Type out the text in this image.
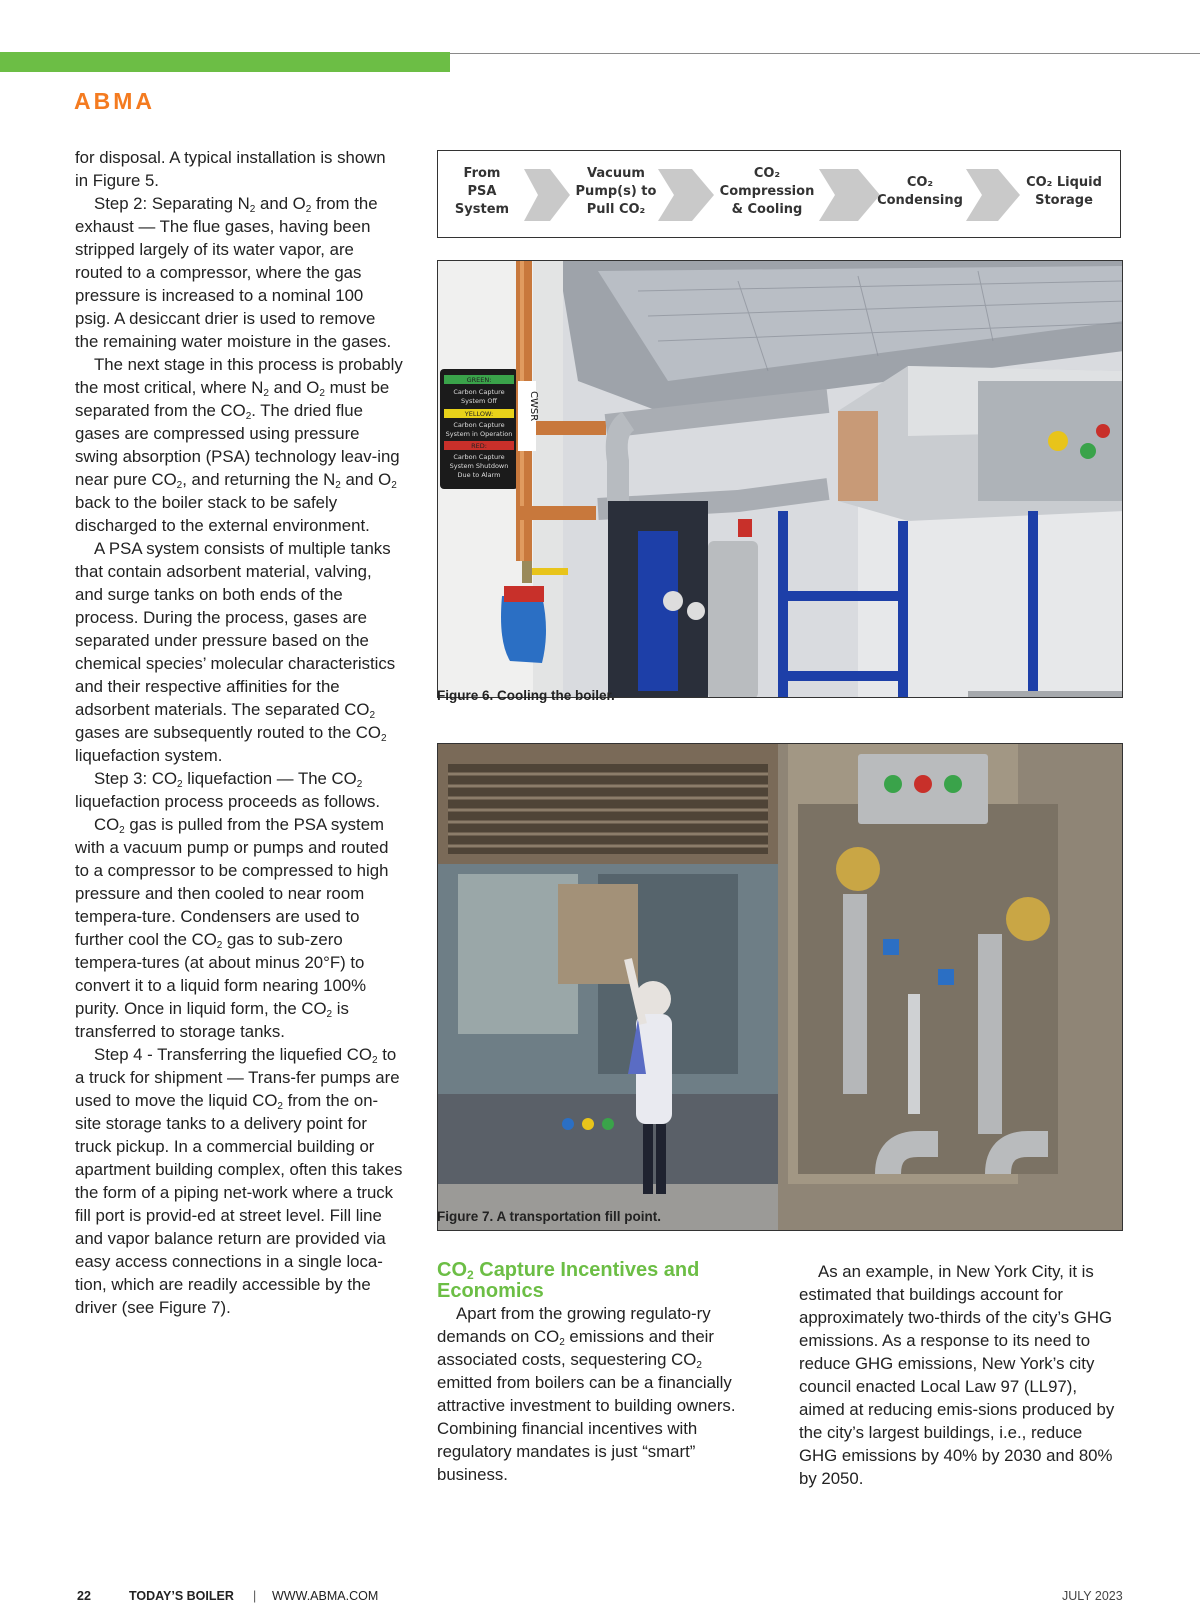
ABMA

for disposal. A typical installation is shown in Figure 5.

Step 2: Separating $N_2$ and $O_2$ from the exhaust — The flue gases, having been stripped largely of its water vapor, are routed to a compressor, where the gas pressure is increased to a nominal 100 psig. A desiccant drier is used to remove the remaining water moisture in the gases.

The next stage in this process is probably the most critical, where $N_2$ and $O_2$ must be separated from the $CO_2$. The dried flue gases are compressed using pressure swing absorption (PSA) technology leav-ing near pure $CO_2$, and returning the $N_2$ and $O_2$ back to the boiler stack to be safely discharged to the external environment.

A PSA system consists of multiple tanks that contain adsorbent material, valving, and surge tanks on both ends of the process. During the process, gases are separated under pressure based on the chemical species’ molecular characteristics and their respective affinities for the adsorbent materials. The separated $CO_2$ gases are subsequently routed to the $CO_2$ liquefaction system.

Step 3: $CO_2$ liquefaction — The $CO_2$ liquefaction process proceeds as follows.

$CO_2$ gas is pulled from the PSA system with a vacuum pump or pumps and routed to a compressor to be compressed to high pressure and then cooled to near room tempera-ture. Condensers are used to further cool the $CO_2$ gas to sub-zero tempera-tures (at about minus 20°F) to convert it to a liquid form nearing 100% purity. Once in liquid form, the $CO_2$ is transferred to storage tanks.

Step 4 - Transferring the liquefied $CO_2$ to a truck for shipment — Trans-fer pumps are used to move the liquid $CO_2$ from the on-site storage tanks to a delivery point for truck pickup. In a commercial building or apartment building complex, often this takes the form of a piping net-work where a truck fill port is provid-ed at street level. Fill line and vapor balance return are provided via easy access connections in a single loca-tion, which are readily accessible by the driver (see Figure 7).

From
PSA
System
Vacuum
Pump(s) to
Pull CO₂
CO₂
Compression
& Cooling
CO₂
Condensing
CO₂ Liquid
Storage
GREEN:
Carbon Capture
System Off
YELLOW:
Carbon Capture
System in Operation
RED:
Carbon Capture
System Shutdown
Due to Alarm
CWSR
Figure 6. Cooling the boiler.
Figure 7. A transportation fill point.
$CO_2$ Capture Incentives and Economics

Apart from the growing regulato-ry demands on $CO_2$ emissions and their associated costs, sequestering $CO_2$ emitted from boilers can be a financially attractive investment to building owners. Combining financial incentives with regulatory mandates is just “smart” business.

As an example, in New York City, it is estimated that buildings account for approximately two-thirds of the city’s GHG emissions. As a response to its need to reduce GHG emissions, New York’s city council enacted Local Law 97 (LL97), aimed at reducing emis-sions produced by the city’s largest buildings, i.e., reduce GHG emissions by 40% by 2030 and 80% by 2050.

22	TODAY’S BOILER | WWW.ABMA.COM	JULY 2023
